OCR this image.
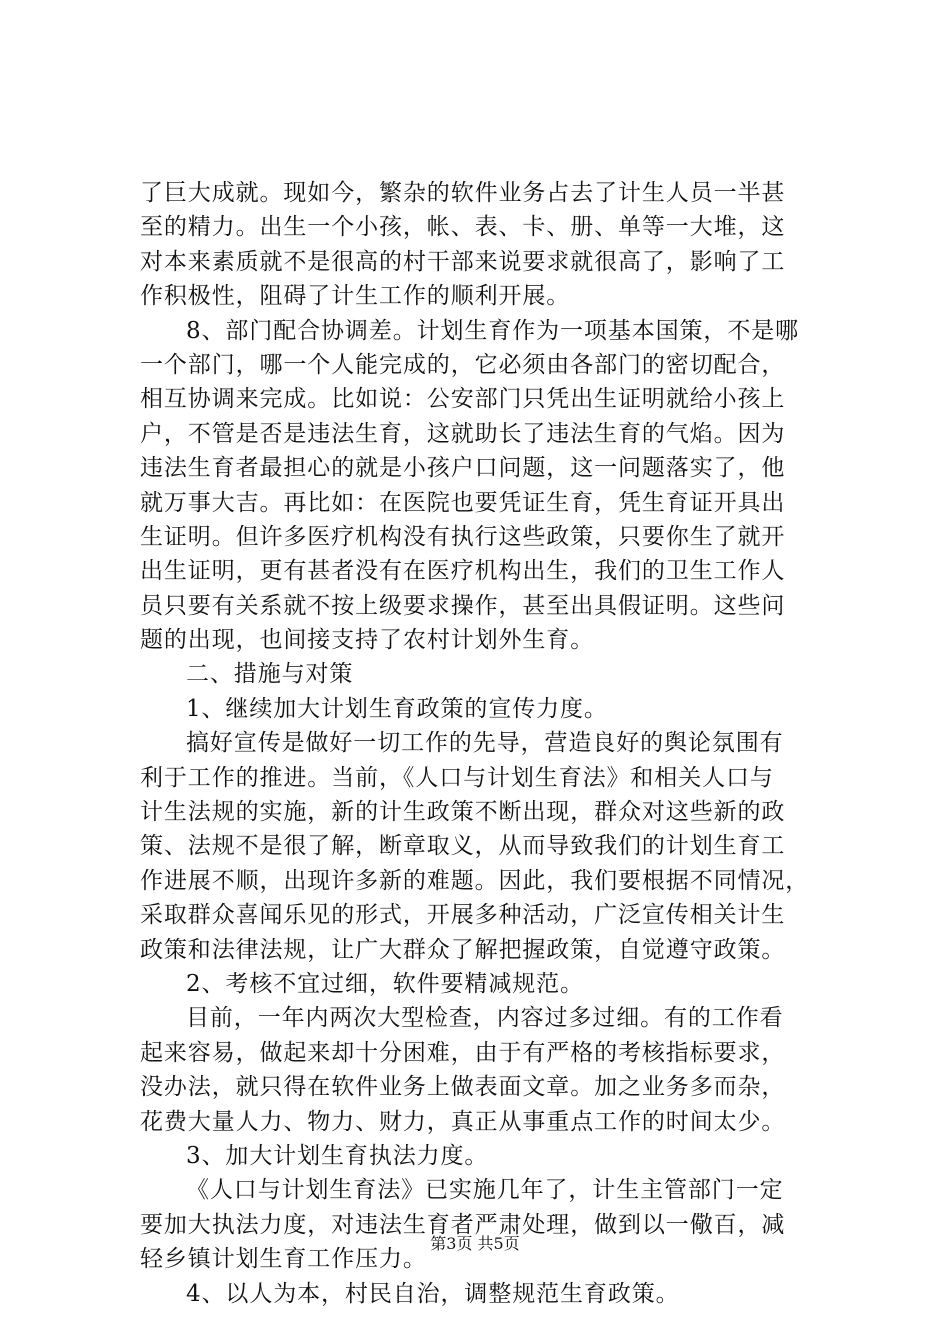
了巨大成就。现如今，繁杂的软件业务占去了计生人员一半甚
至的精力。出生一个小孩，帐、表、卡、册、单等一大堆，这
对本来素质就不是很高的村干部来说要求就很高了，影响了工
作积极性，阻碍了计生工作的顺利开展。
8、部门配合协调差。计划生育作为一项基本国策，不是哪
一个部门，哪一个人能完成的，它必须由各部门的密切配合，
相互协调来完成。比如说：公安部门只凭出生证明就给小孩上
户，不管是否是违法生育，这就助长了违法生育的气焰。因为
违法生育者最担心的就是小孩户口问题，这一问题落实了，他
就万事大吉。再比如：在医院也要凭证生育，凭生育证开具出
生证明。但许多医疗机构没有执行这些政策，只要你生了就开
出生证明，更有甚者没有在医疗机构出生，我们的卫生工作人
员只要有关系就不按上级要求操作，甚至出具假证明。这些问
题的出现，也间接支持了农村计划外生育。
二、措施与对策
1、继续加大计划生育政策的宣传力度。
搞好宣传是做好一切工作的先导，营造良好的舆论氛围有
利于工作的推进。当前，《人口与计划生育法》和相关人口与
计生法规的实施，新的计生政策不断出现，群众对这些新的政
策、法规不是很了解，断章取义，从而导致我们的计划生育工
作进展不顺，出现许多新的难题。因此，我们要根据不同情况，
采取群众喜闻乐见的形式，开展多种活动，广泛宣传相关计生
政策和法律法规，让广大群众了解把握政策，自觉遵守政策。
2、考核不宜过细，软件要精减规范。
目前，一年内两次大型检查，内容过多过细。有的工作看
起来容易，做起来却十分困难，由于有严格的考核指标要求，
没办法，就只得在软件业务上做表面文章。加之业务多而杂，
花费大量人力、物力、财力，真正从事重点工作的时间太少。
3、加大计划生育执法力度。
《人口与计划生育法》已实施几年了，计生主管部门一定
要加大执法力度，对违法生育者严肃处理，做到以一儆百，减
轻乡镇计划生育工作压力。
4、以人为本，村民自治，调整规范生育政策。
第3页 共5页
